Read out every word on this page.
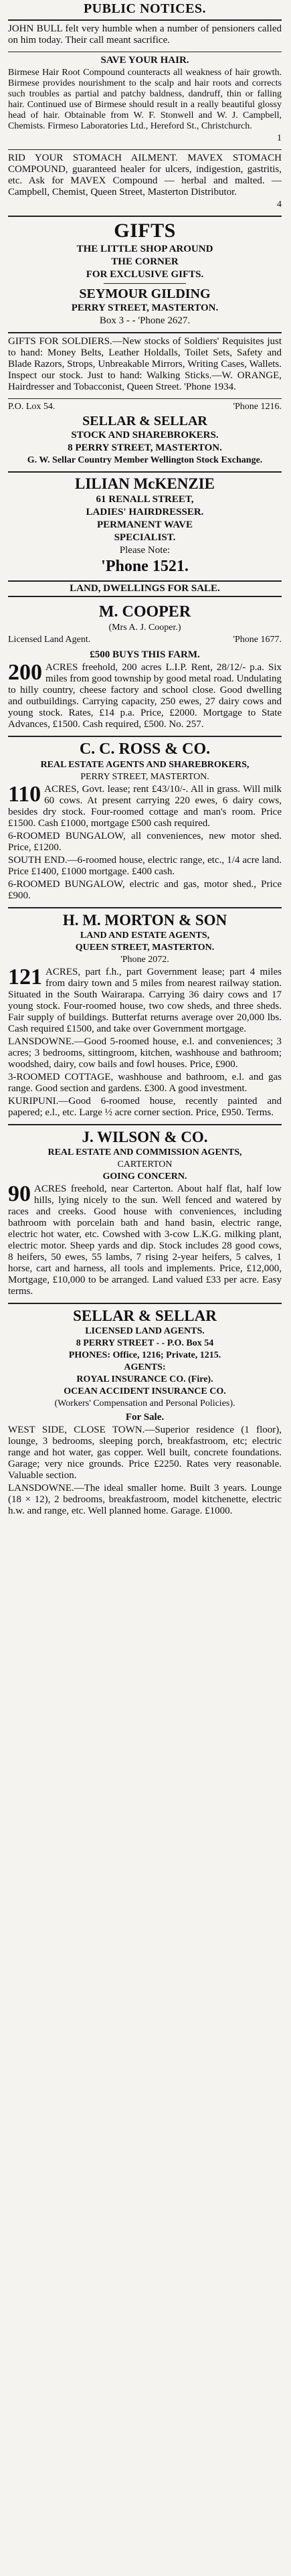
PUBLIC NOTICES.

JOHN BULL felt very humble when a number of pensioners called on him today. Their call meant sacrifice.

SAVE YOUR HAIR.

Birmese Hair Root Compound counteracts all weakness of hair growth. Birmese provides nourishment to the scalp and hair roots and corrects such troubles as partial and patchy baldness, dandruff, thin or falling hair. Continued use of Birmese should result in a really beautiful glossy head of hair. Obtainable from W. F. Stonwell and W. J. Campbell, Chemists. Firmeso Laboratories Ltd., Hereford St., Christchurch.

1

RID YOUR STOMACH AILMENT. MAVEX STOMACH COMPOUND, guaranteed healer for ulcers, indigestion, gastritis, etc. Ask for MAVEX Compound — herbal and malted. — Campbell, Chemist, Queen Street, Masterton Distributor.

4
GIFTS
THE LITTLE SHOP AROUND
THE CORNER
FOR EXCLUSIVE GIFTS.
SEYMOUR GILDING
PERRY STREET, MASTERTON.
Box 3 - - 'Phone 2627.

GIFTS FOR SOLDIERS.—New stocks of Soldiers' Requisites just to hand: Money Belts, Leather Holdalls, Toilet Sets, Safety and Blade Razors, Strops, Unbreakable Mirrors, Writing Cases, Wallets. Inspect our stock. Just to hand: Walking Sticks.—W. ORANGE, Hairdresser and Tobacconist, Queen Street. 'Phone 1934.

P.O. Lox 54.	'Phone 1216.
SELLAR & SELLAR
STOCK AND SHAREBROKERS.
8 PERRY STREET, MASTERTON.
G. W. Sellar Country Member Wellington Stock Exchange.
LILIAN McKENZIE
61 RENALL STREET,
LADIES' HAIRDRESSER.
PERMANENT WAVE
SPECIALIST.
Please Note:
'Phone 1521.
LAND, DWELLINGS FOR SALE.
M. COOPER
(Mrs A. J. Cooper.)
Licensed Land Agent.	'Phone 1677.
£500 BUYS THIS FARM.

200 ACRES freehold, 200 acres L.I.P. Rent, 28/12/- p.a. Six miles from good township by good metal road. Undulating to hilly country, cheese factory and school close. Good dwelling and outbuildings. Carrying capacity, 250 ewes, 27 dairy cows and young stock. Rates, £14 p.a. Price, £2000. Mortgage to State Advances, £1500. Cash required, £500. No. 257.

C. C. ROSS & CO.
REAL ESTATE AGENTS AND SHAREBROKERS,
PERRY STREET, MASTERTON.

110 ACRES, Govt. lease; rent £43/10/-. All in grass. Will milk 60 cows. At present carrying 220 ewes, 6 dairy cows, besides dry stock. Four-roomed cottage and man's room. Price £1500. Cash £1000, mortgage £500 cash required.

6-ROOMED BUNGALOW, all conveniences, new motor shed. Price, £1200.

SOUTH END.—6-roomed house, electric range, etc., 1/4 acre land. Price £1400, £1000 mortgage. £400 cash.

6-ROOMED BUNGALOW, electric and gas, motor shed., Price £900.

H. M. MORTON & SON
LAND AND ESTATE AGENTS,
QUEEN STREET, MASTERTON.
'Phone 2072.

121 ACRES, part f.h., part Government lease; part 4 miles from dairy town and 5 miles from nearest railway station. Situated in the South Wairarapa. Carrying 36 dairy cows and 17 young stock. Four-roomed house, two cow sheds, and three sheds. Fair supply of buildings. Butterfat returns average over 20,000 lbs. Cash required £1500, and take over Government mortgage.

LANSDOWNE.—Good 5-roomed house, e.l. and conveniences; 3 acres; 3 bedrooms, sittingroom, kitchen, washhouse and bathroom; woodshed, dairy, cow bails and fowl houses. Price, £900.

3-ROOMED COTTAGE, washhouse and bathroom, e.l. and gas range. Good section and gardens. £300. A good investment.

KURIPUNI.—Good 6-roomed house, recently painted and papered; e.l., etc. Large ½ acre corner section. Price, £950. Terms.

J. WILSON & CO.
REAL ESTATE AND COMMISSION AGENTS,
CARTERTON
GOING CONCERN.

90 ACRES freehold, near Carterton. About half flat, half low hills, lying nicely to the sun. Well fenced and watered by races and creeks. Good house with conveniences, including bathroom with porcelain bath and hand basin, electric range, electric hot water, etc. Cowshed with 3-cow L.K.G. milking plant, electric motor. Sheep yards and dip. Stock includes 28 good cows, 8 heifers, 50 ewes, 55 lambs, 7 rising 2-year heifers, 5 calves, 1 horse, cart and harness, all tools and implements. Price, £12,000, Mortgage, £10,000 to be arranged. Land valued £33 per acre. Easy terms.

SELLAR & SELLAR
LICENSED LAND AGENTS.
8 PERRY STREET - - P.O. Box 54
PHONES: Office, 1216; Private, 1215.
AGENTS:
ROYAL INSURANCE CO. (Fire).
OCEAN ACCIDENT INSURANCE CO.
(Workers' Compensation and Personal Policies).
For Sale.

WEST SIDE, CLOSE TOWN.—Superior residence (1 floor), lounge, 3 bedrooms, sleeping porch, breakfastroom, etc; electric range and hot water, gas copper. Well built, concrete foundations. Garage; very nice grounds. Price £2250. Rates very reasonable. Valuable section.

LANSDOWNE.—The ideal smaller home. Built 3 years. Lounge (18 × 12), 2 bedrooms, breakfastroom, model kitchenette, electric h.w. and range, etc. Well planned home. Garage. £1000.
